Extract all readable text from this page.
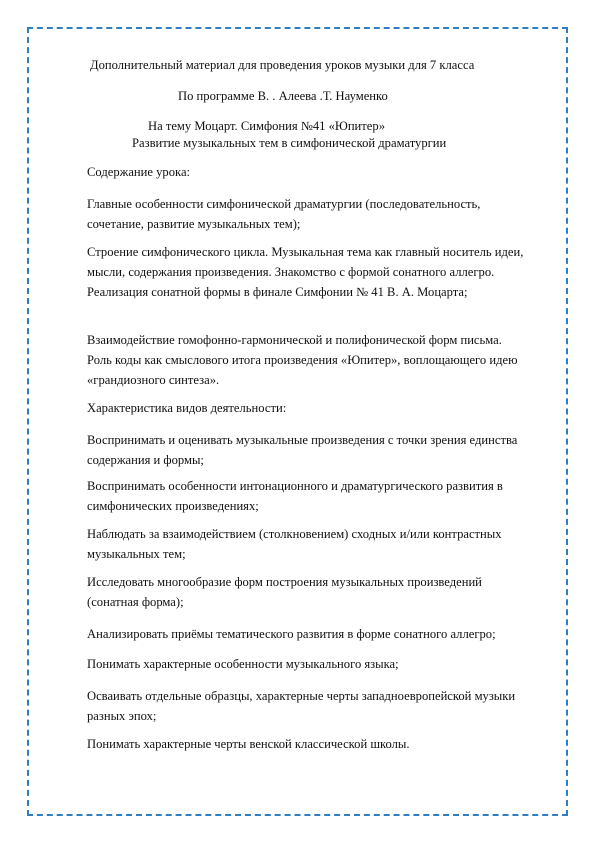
Дополнительный материал для проведения уроков музыки для 7 класса
По программе В. . Алеева .Т. Науменко
На тему Моцарт. Симфония №41 «Юпитер»
Развитие музыкальных тем в симфонической драматургии
Содержание урока:
Главные особенности симфонической драматургии (последовательность, сочетание, развитие музыкальных тем);
Строение симфонического цикла. Музыкальная тема как главный носитель идеи, мысли, содержания произведения. Знакомство с формой сонатного аллегро. Реализация сонатной формы в финале Симфонии № 41 В. А. Моцарта;
Взаимодействие гомофонно-гармонической и полифонической форм письма. Роль коды как смыслового итога произведения «Юпитер», воплощающего идею «грандиозного синтеза».
Характеристика видов деятельности:
Воспринимать и оценивать музыкальные произведения с точки зрения единства содержания и формы;
Воспринимать особенности интонационного и драматургического развития в симфонических произведениях;
Наблюдать за взаимодействием (столкновением) сходных и/или контрастных музыкальных тем;
Исследовать многообразие форм построения музыкальных произведений (сонатная форма);
Анализировать приёмы тематического развития в форме сонатного аллегро;
Понимать характерные особенности музыкального языка;
Осваивать отдельные образцы, характерные черты западноевропейской музыки разных эпох;
Понимать характерные черты венской классической школы.
